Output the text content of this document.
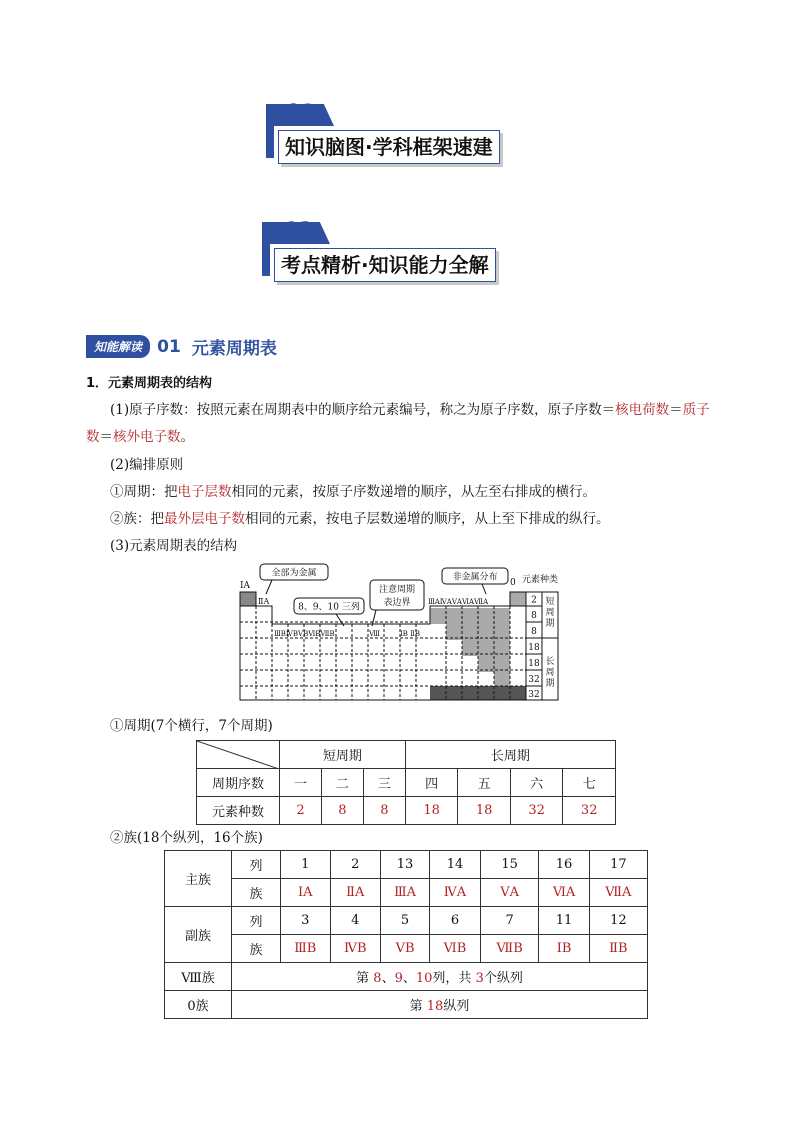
01
知识脑图·学科框架速建
02
考点精析·知识能力全解
知能解读 01 元素周期表

1．元素周期表的结构

(1)原子序数：按照元素在周期表中的顺序给元素编号，称之为原子序数，原子序数＝核电荷数＝质子

数＝核外电子数。

(2)编排原则

①周期：把电子层数相同的元素，按原子序数递增的顺序，从左至右排成的横行。

②族：把最外层电子数相同的元素，按电子层数递增的顺序，从上至下排成的纵行。

(3)元素周期表的结构

全部为金属
8、9、10 三列
注意周期
表边界
非金属分布
ⅠA
ⅡA
0 元素种类
ⅢBⅣBⅤBⅥBⅦB	Ⅷ	ⅠB ⅡB
ⅢAⅣAⅤAⅥAⅦA	2
8
8
18
18
32
32
短周期
长周期

①周期(7个横行，7个周期)

	短周期			长周期			
周期序数	一	二	三	四	五	六	七
元素种数	2	8	8	18	18	32	32

②族(18个纵列，16个族)

主族	列	1	2	13	14	15	16	17
	族	ⅠA	ⅡA	ⅢA	ⅣA	ⅤA	ⅥA	ⅦA
副族	列	3	4	5	6	7	11	12
	族	ⅢB	ⅣB	ⅤB	ⅥB	ⅦB	ⅠB	ⅡB
Ⅷ族	第 8、9、10列，共 3个纵列							
0族	第 18纵列							
